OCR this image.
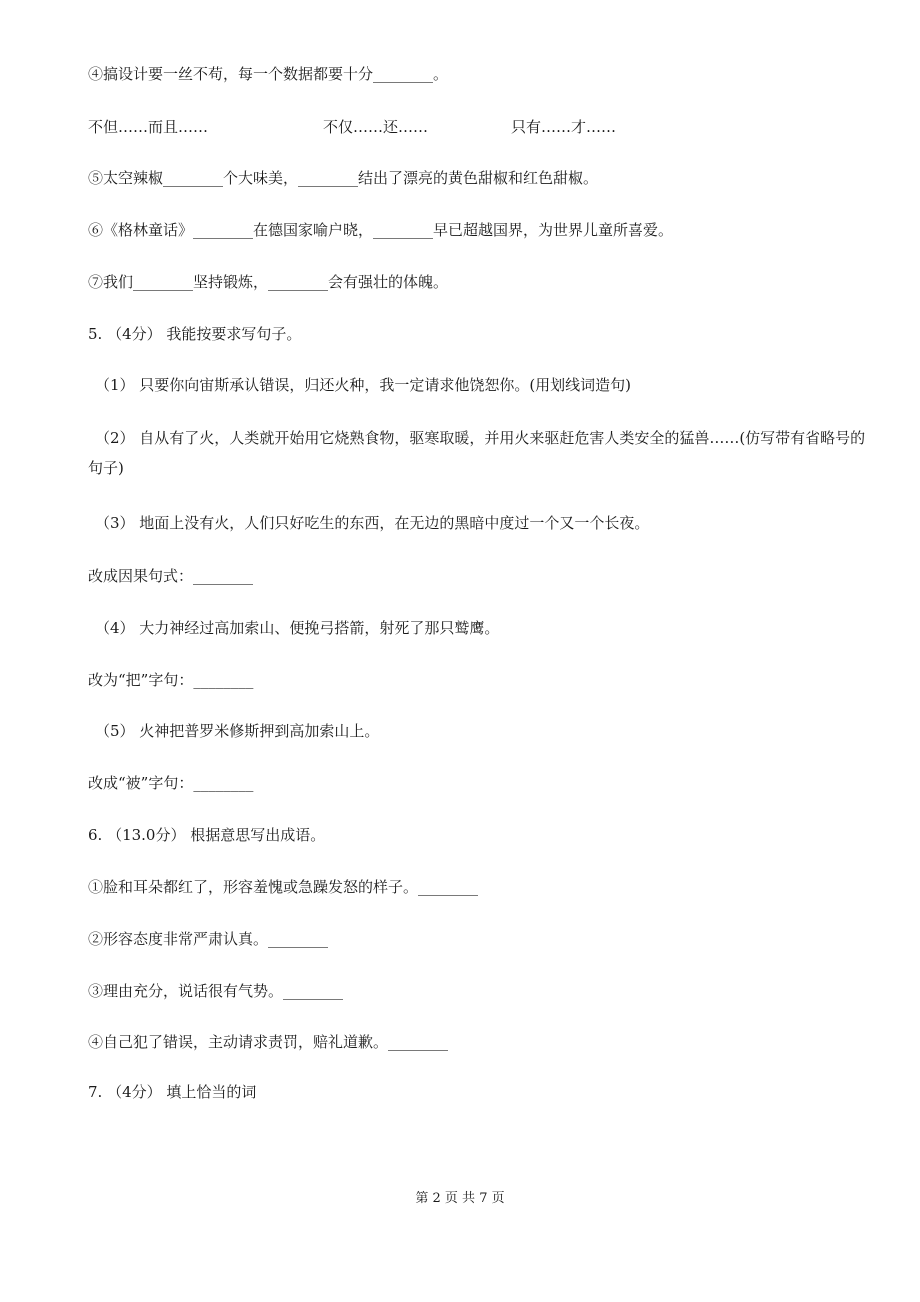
④搞设计要一丝不苟，每一个数据都要十分________。
不但……而且……	不仅……还……	只有……才……
⑤太空辣椒________个大味美，________结出了漂亮的黄色甜椒和红色甜椒。
⑥《格林童话》________在德国家喻户晓，________早已超越国界，为世界儿童所喜爱。
⑦我们________坚持锻炼，________会有强壮的体魄。
5. （4分） 我能按要求写句子。
（1） 只要你向宙斯承认错误，归还火种，我一定请求他饶恕你。(用划线词造句)
（2） 自从有了火，人类就开始用它烧熟食物，驱寒取暖，并用火来驱赶危害人类安全的猛兽……(仿写带有省略号的句子)
（3） 地面上没有火，人们只好吃生的东西，在无边的黑暗中度过一个又一个长夜。
改成因果句式：________
（4） 大力神经过高加索山、便挽弓搭箭，射死了那只鹫鹰。
改为“把”字句：________
（5） 火神把普罗米修斯押到高加索山上。
改成“被”字句：________
6. （13.0分） 根据意思写出成语。
①脸和耳朵都红了，形容羞愧或急躁发怒的样子。________
②形容态度非常严肃认真。________
③理由充分，说话很有气势。________
④自己犯了错误，主动请求责罚，赔礼道歉。________
7. （4分） 填上恰当的词
第 2 页 共 7 页
